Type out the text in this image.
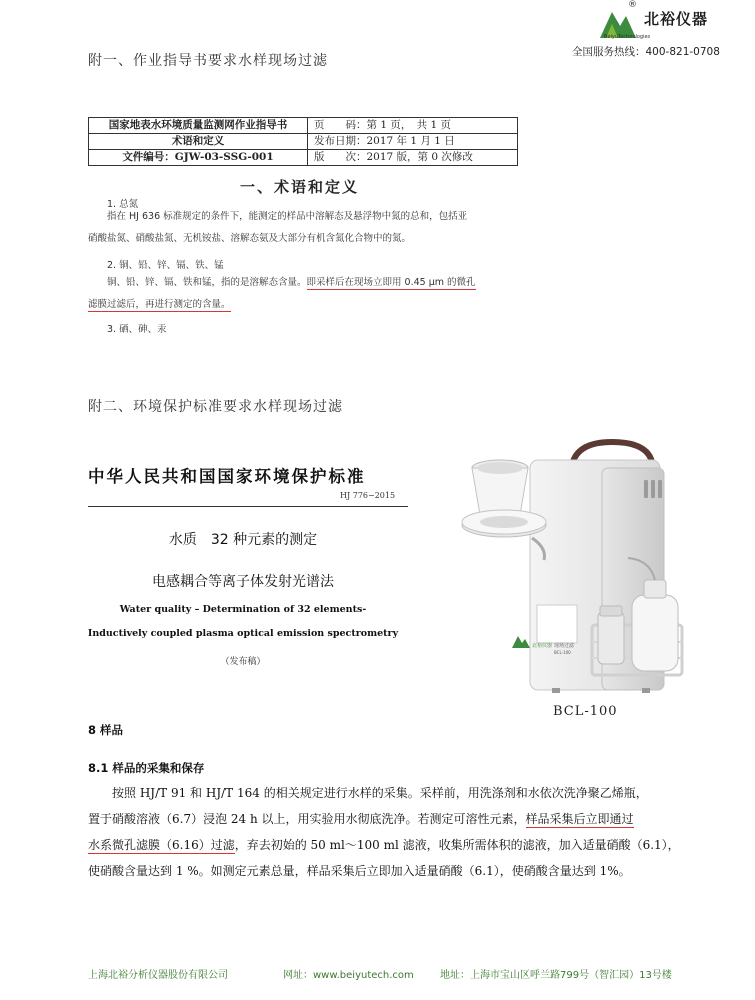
®
北裕仪器
BeiyuTechnologies
全国服务热线：400-821-0708
附一、作业指导书要求水样现场过滤
国家地表水环境质量监测网作业指导书	页　　码：第 1 页，　共 1 页
术语和定义	发布日期：2017 年 1 月 1 日
文件编号：GJW-03-SSG-001	版　　次：2017 版，第 0 次修改
一、术语和定义
1. 总氮
指在 HJ 636 标准规定的条件下，能测定的样品中溶解态及悬浮物中氮的总和，包括亚
硝酸盐氮、硝酸盐氮、无机铵盐、溶解态氨及大部分有机含氮化合物中的氮。
2. 铜、铅、锌、镉、铁、锰
铜、铅、锌、镉、铁和锰，指的是溶解态含量。即采样后在现场立即用 0.45 μm 的微孔
滤膜过滤后，再进行测定的含量。
3. 硒、砷、汞
附二、环境保护标准要求水样现场过滤
中华人民共和国国家环境保护标准
HJ 776−2015
水质　32 种元素的测定
电感耦合等离子体发射光谱法
Water quality – Determination of 32 elements-
Inductively coupled plasma optical emission spectrometry
（发布稿）
北裕仪器 现场过滤
BCL-100
BCL-100
8 样品
8.1 样品的采集和保存
按照 HJ/T 91 和 HJ/T 164 的相关规定进行水样的采集。采样前，用洗涤剂和水依次洗净聚乙烯瓶，
置于硝酸溶液（6.7）浸泡 24 h 以上，用实验用水彻底洗净。若测定可溶性元素，样品采集后立即通过
水系微孔滤膜（6.16）过滤，弃去初始的 50 ml～100 ml 滤液，收集所需体积的滤液，加入适量硝酸（6.1），
使硝酸含量达到 1 %。如测定元素总量，样品采集后立即加入适量硝酸（6.1），使硝酸含量达到 1%。
上海北裕分析仪器股份有限公司	网址：www.beiyutech.com	地址：上海市宝山区呼兰路799号（智汇园）13号楼
